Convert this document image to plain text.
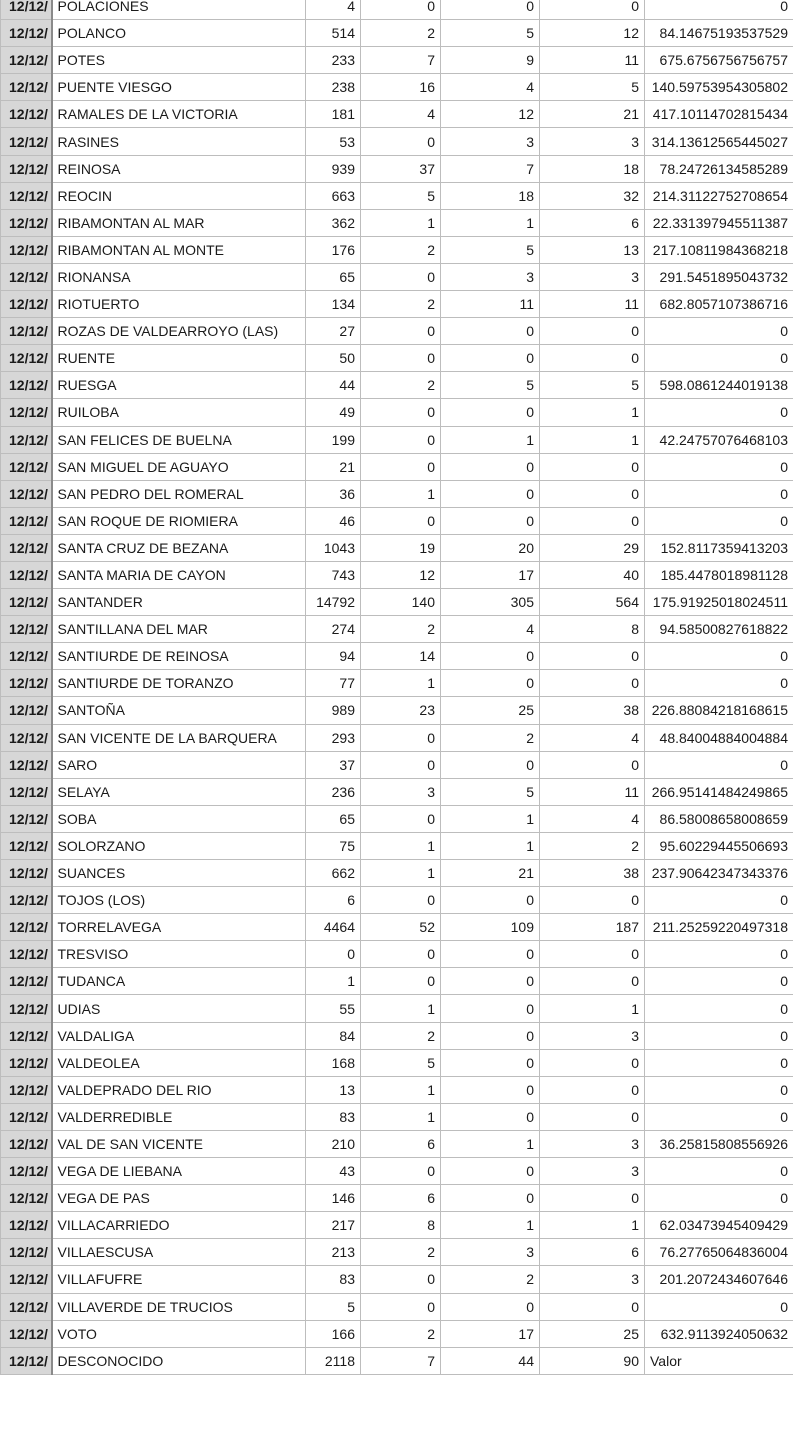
12/12/	POLACIONES	4	0	0	0	0
12/12/	POLANCO	514	2	5	12	84.14675193537529
12/12/	POTES	233	7	9	11	675.6756756756757
12/12/	PUENTE VIESGO	238	16	4	5	140.59753954305802
12/12/	RAMALES DE LA VICTORIA	181	4	12	21	417.10114702815434
12/12/	RASINES	53	0	3	3	314.13612565445027
12/12/	REINOSA	939	37	7	18	78.24726134585289
12/12/	REOCIN	663	5	18	32	214.31122752708654
12/12/	RIBAMONTAN AL MAR	362	1	1	6	22.331397945511387
12/12/	RIBAMONTAN AL MONTE	176	2	5	13	217.10811984368218
12/12/	RIONANSA	65	0	3	3	291.5451895043732
12/12/	RIOTUERTO	134	2	11	11	682.8057107386716
12/12/	ROZAS DE VALDEARROYO (LAS)	27	0	0	0	0
12/12/	RUENTE	50	0	0	0	0
12/12/	RUESGA	44	2	5	5	598.0861244019138
12/12/	RUILOBA	49	0	0	1	0
12/12/	SAN FELICES DE BUELNA	199	0	1	1	42.24757076468103
12/12/	SAN MIGUEL DE AGUAYO	21	0	0	0	0
12/12/	SAN PEDRO DEL ROMERAL	36	1	0	0	0
12/12/	SAN ROQUE DE RIOMIERA	46	0	0	0	0
12/12/	SANTA CRUZ DE BEZANA	1043	19	20	29	152.8117359413203
12/12/	SANTA MARIA DE CAYON	743	12	17	40	185.4478018981128
12/12/	SANTANDER	14792	140	305	564	175.91925018024511
12/12/	SANTILLANA DEL MAR	274	2	4	8	94.58500827618822
12/12/	SANTIURDE DE REINOSA	94	14	0	0	0
12/12/	SANTIURDE DE TORANZO	77	1	0	0	0
12/12/	SANTOÑA	989	23	25	38	226.88084218168615
12/12/	SAN VICENTE DE LA BARQUERA	293	0	2	4	48.84004884004884
12/12/	SARO	37	0	0	0	0
12/12/	SELAYA	236	3	5	11	266.95141484249865
12/12/	SOBA	65	0	1	4	86.58008658008659
12/12/	SOLORZANO	75	1	1	2	95.60229445506693
12/12/	SUANCES	662	1	21	38	237.90642347343376
12/12/	TOJOS (LOS)	6	0	0	0	0
12/12/	TORRELAVEGA	4464	52	109	187	211.25259220497318
12/12/	TRESVISO	0	0	0	0	0
12/12/	TUDANCA	1	0	0	0	0
12/12/	UDIAS	55	1	0	1	0
12/12/	VALDALIGA	84	2	0	3	0
12/12/	VALDEOLEA	168	5	0	0	0
12/12/	VALDEPRADO DEL RIO	13	1	0	0	0
12/12/	VALDERREDIBLE	83	1	0	0	0
12/12/	VAL DE SAN VICENTE	210	6	1	3	36.25815808556926
12/12/	VEGA DE LIEBANA	43	0	0	3	0
12/12/	VEGA DE PAS	146	6	0	0	0
12/12/	VILLACARRIEDO	217	8	1	1	62.03473945409429
12/12/	VILLAESCUSA	213	2	3	6	76.27765064836004
12/12/	VILLAFUFRE	83	0	2	3	201.2072434607646
12/12/	VILLAVERDE DE TRUCIOS	5	0	0	0	0
12/12/	VOTO	166	2	17	25	632.9113924050632
12/12/	DESCONOCIDO	2118	7	44	90	Valor
